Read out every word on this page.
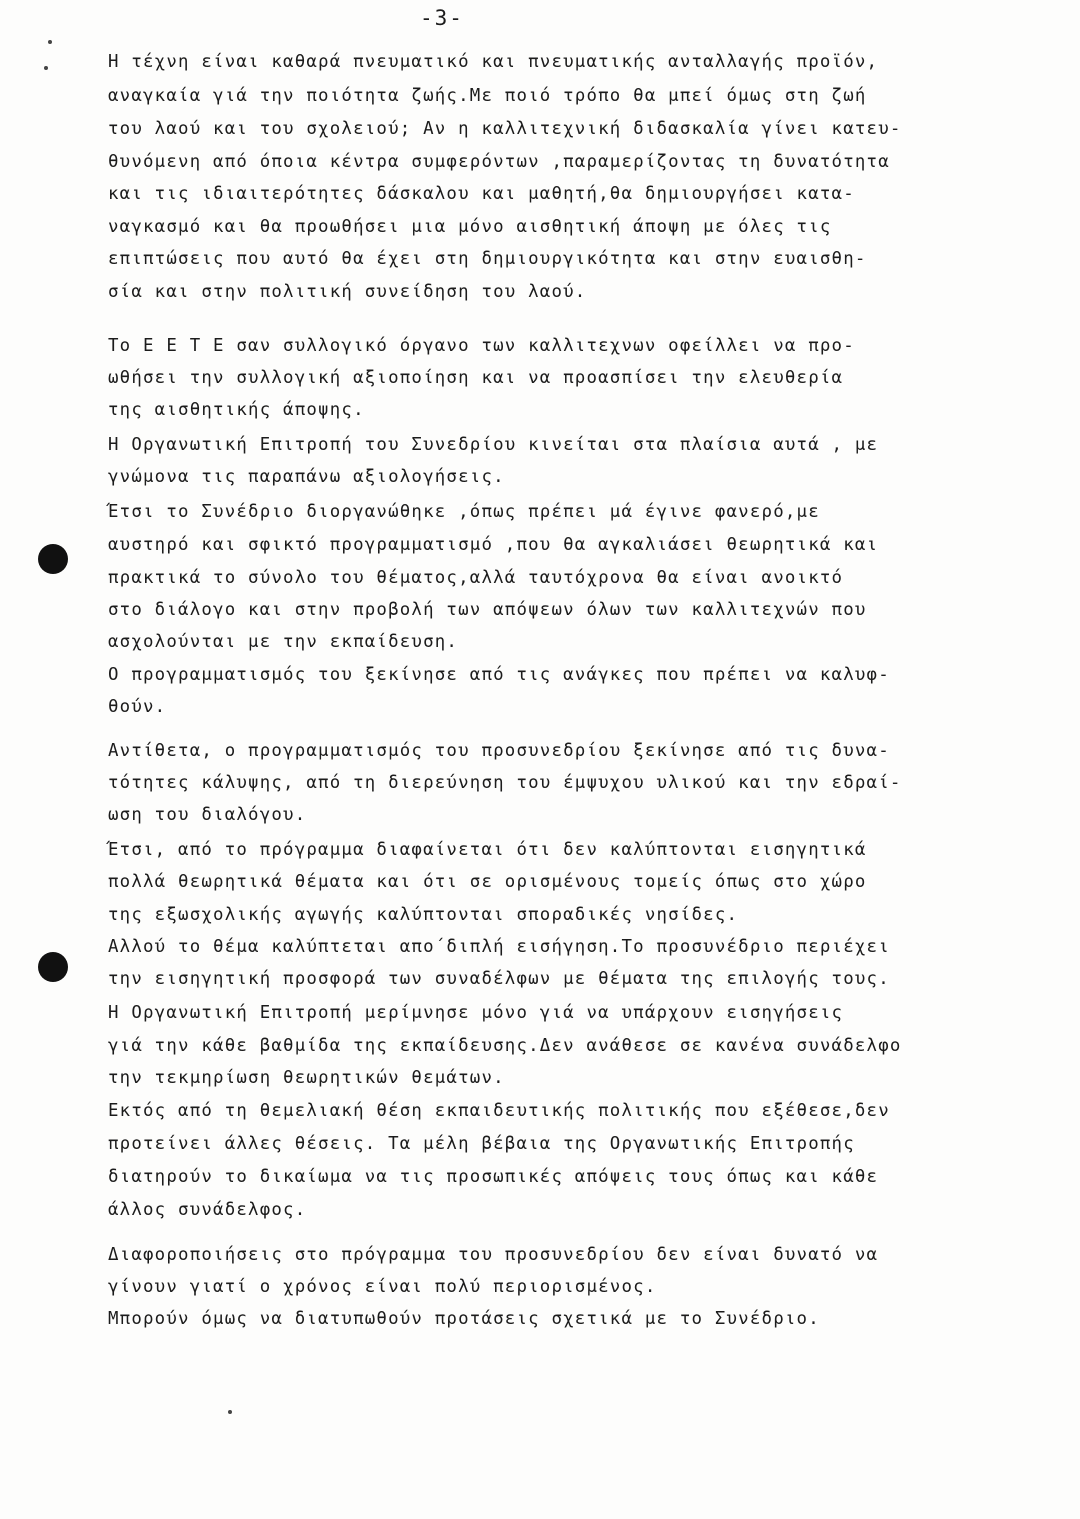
-3-
Η τέχνη είναι καθαρά πνευματικό και πνευματικής ανταλλαγής προϊόν,
αναγκαία γιά την ποιότητα ζωής.Με ποιό τρόπο θα μπεί όμως στη ζωή
του λαού και του σχολειού; Αν η καλλιτεχνική διδασκαλία γίνει κατευ-
θυνόμενη από όποια κέντρα συμφερόντων ,παραμερίζοντας τη δυνατότητα
και τις ιδιαιτερότητες δάσκαλου και μαθητή,θα δημιουργήσει κατα-
ναγκασμό και θα προωθήσει μια μόνο αισθητική άποψη με όλες τις
επιπτώσεις που αυτό θα έχει στη δημιουργικότητα και στην ευαισθη-
σία και στην πολιτική συνείδηση του λαού.
Το Ε Ε Τ Ε σαν συλλογικό όργανο των καλλιτεχνων οφείλλει να προ-
ωθήσει την συλλογική αξιοποίηση και να προασπίσει την ελευθερία
της αισθητικής άποψης.
Η Οργανωτική Επιτροπή του Συνεδρίου κινείται στα πλαίσια αυτά , με
γνώμονα τις παραπάνω αξιολογήσεις.
Έτσι το Συνέδριο διοργανώθηκε ,όπως πρέπει μά έγινε φανερό,με
αυστηρό και σφικτό προγραμματισμό ,που θα αγκαλιάσει θεωρητικά και
πρακτικά το σύνολο του θέματος,αλλά ταυτόχρονα θα είναι ανοικτό
στο διάλογο και στην προβολή των απόψεων όλων των καλλιτεχνών που
ασχολούνται με την εκπαίδευση.
Ο προγραμματισμός του ξεκίνησε από τις ανάγκες που πρέπει να καλυφ-
θούν.
Αντίθετα, ο προγραμματισμός του προσυνεδρίου ξεκίνησε από τις δυνα-
τότητες κάλυψης, από τη διερεύνηση του έμψυχου υλικού και την εδραί-
ωση του διαλόγου.
Έτσι, από το πρόγραμμα διαφαίνεται ότι δεν καλύπτονται εισηγητικά
πολλά θεωρητικά θέματα και ότι σε ορισμένους τομείς όπως στο χώρο
της εξωσχολικής αγωγής καλύπτονται σποραδικές νησίδες.
Αλλού το θέμα καλύπτεται απο΄διπλή εισήγηση.Το προσυνέδριο περιέχει
την εισηγητική προσφορά των συναδέλφων με θέματα της επιλογής τους.
Η Οργανωτική Επιτροπή μερίμνησε μόνο γιά να υπάρχουν εισηγήσεις
γιά την κάθε βαθμίδα της εκπαίδευσης.Δεν ανάθεσε σε κανένα συνάδελφο
την τεκμηρίωση θεωρητικών θεμάτων.
Εκτός από τη θεμελιακή θέση εκπαιδευτικής πολιτικής που εξέθεσε,δεν
προτείνει άλλες θέσεις. Τα μέλη βέβαια της Οργανωτικής Επιτροπής
διατηρούν το δικαίωμα να τις προσωπικές απόψεις τους όπως και κάθε
άλλος συνάδελφος.
Διαφοροποιήσεις στο πρόγραμμα του προσυνεδρίου δεν είναι δυνατό να
γίνουν γιατί ο χρόνος είναι πολύ περιορισμένος.
Μπορούν όμως να διατυπωθούν προτάσεις σχετικά με το Συνέδριο.
